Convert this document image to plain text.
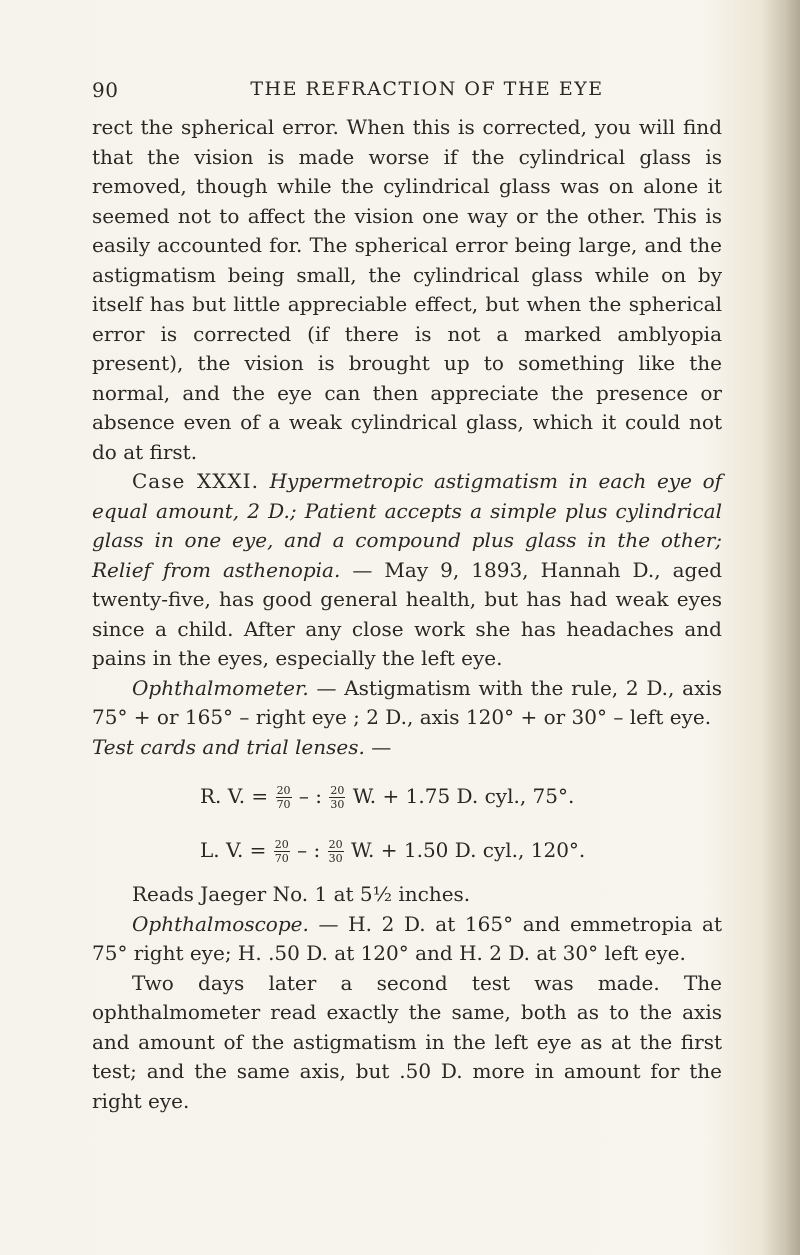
90	THE REFRACTION OF THE EYE

rect the spherical error. When this is corrected, you will find that the vision is made worse if the cylindrical glass is removed, though while the cylindrical glass was on alone it seemed not to affect the vision one way or the other. This is easily accounted for. The spherical error being large, and the astigmatism being small, the cylindrical glass while on by itself has but little appreciable effect, but when the spherical error is corrected (if there is not a marked amblyopia present), the vision is brought up to something like the normal, and the eye can then appreciate the presence or absence even of a weak cylindrical glass, which it could not do at first.

Case XXXI. Hypermetropic astigmatism in each eye of equal amount, 2 D.; Patient accepts a simple plus cylindrical glass in one eye, and a compound plus glass in the other; Relief from asthenopia. — May 9, 1893, Hannah D., aged twenty-five, has good general health, but has had weak eyes since a child. After any close work she has headaches and pains in the eyes, especially the left eye.

Ophthalmometer. — Astigmatism with the rule, 2 D., axis 75° + or 165° – right eye ; 2 D., axis 120° + or 30° – left eye.

Test cards and trial lenses. —

R. V. = $\frac{20}{70}$ – : $\frac{20}{30} W$. + 1.75 D. cyl., 75°.
L. V. = $\frac{20}{70}$ – : $\frac{20}{30} W$. + 1.50 D. cyl., 120°.

Reads Jaeger No. 1 at 5½ inches.

Ophthalmoscope. — H. 2 D. at 165° and emmetropia at 75° right eye; H. .50 D. at 120° and H. 2 D. at 30° left eye.

Two days later a second test was made. The ophthalmometer read exactly the same, both as to the axis and amount of the astigmatism in the left eye as at the first test; and the same axis, but .50 D. more in amount for the right eye.
